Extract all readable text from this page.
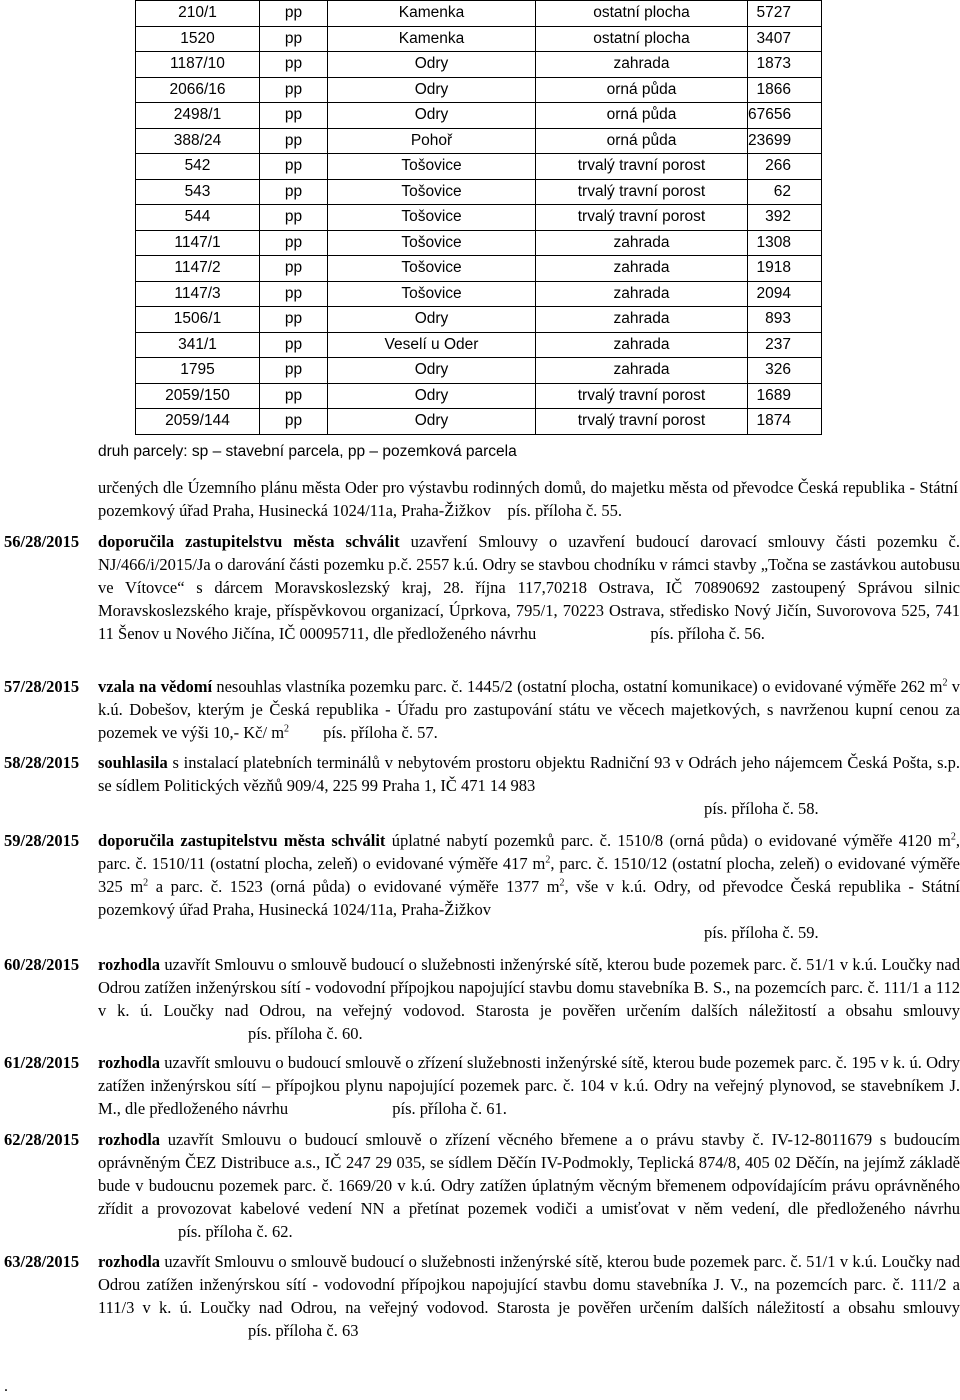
210/1	pp	Kamenka	ostatní plocha	5727
1520	pp	Kamenka	ostatní plocha	3407
1187/10	pp	Odry	zahrada	1873
2066/16	pp	Odry	orná půda	1866
2498/1	pp	Odry	orná půda	67656
388/24	pp	Pohoř	orná půda	23699
542	pp	Tošovice	trvalý travní porost	266
543	pp	Tošovice	trvalý travní porost	62
544	pp	Tošovice	trvalý travní porost	392
1147/1	pp	Tošovice	zahrada	1308
1147/2	pp	Tošovice	zahrada	1918
1147/3	pp	Tošovice	zahrada	2094
1506/1	pp	Odry	zahrada	893
341/1	pp	Veselí u Oder	zahrada	237
1795	pp	Odry	zahrada	326
2059/150	pp	Odry	trvalý travní porost	1689
2059/144	pp	Odry	trvalý travní porost	1874
druh parcely: sp – stavební parcela, pp – pozemková parcela
určených dle Územního plánu města Oder pro výstavbu rodinných domů, do majetku města od převodce Česká republika - Státní pozemkový úřad Praha, Husinecká 1024/11a, Praha-Žižkov pís. příloha č. 55.
56/28/2015	doporučila zastupitelstvu města schválit uzavření Smlouvy o uzavření budoucí darovací smlouvy části pozemku č. NJ/466/i/2015/Ja o darování části pozemku p.č. 2557 k.ú. Odry se stavbou chodníku v rámci stavby „Točna se zastávkou autobusu ve Vítovce“ s dárcem Moravskoslezský kraj, 28. října 117,70218 Ostrava, IČ 70890692 zastoupený Správou silnic Moravskoslezského kraje, příspěvkovou organizací, Úprkova, 795/1, 70223 Ostrava, středisko Nový Jičín, Suvorovova 525, 741 11 Šenov u Nového Jičína, IČ 00095711, dle předloženého návrhu	pís. příloha č. 56.
57/28/2015	vzala na vědomí nesouhlas vlastníka pozemku parc. č. 1445/2 (ostatní plocha, ostatní komunikace) o evidované výměře 262 $m^2$ v k.ú. Dobešov, kterým je Česká republika - Úřadu pro zastupování státu ve věcech majetkových, s navrženou kupní cenou za pozemek ve výši 10,- Kč/ $m^2$ pís. příloha č. 57.
58/28/2015	souhlasila s instalací platebních terminálů v nebytovém prostoru objektu Radniční 93 v Odrách jeho nájemcem Česká Pošta, s.p. se sídlem Politických vězňů 909/4, 225 99 Praha 1, IČ 471 14 983
pís. příloha č. 58.
59/28/2015	doporučila zastupitelstvu města schválit úplatné nabytí pozemků parc. č. 1510/8 (orná půda) o evidované výměře 4120 $m^2$, parc. č. 1510/11 (ostatní plocha, zeleň) o evidované výměře 417 $m^2$, parc. č. 1510/12 (ostatní plocha, zeleň) o evidované výměře 325 $m^2$ a parc. č. 1523 (orná půda) o evidované výměře 1377 $m^2$, vše v k.ú. Odry, od převodce Česká republika - Státní pozemkový úřad Praha, Husinecká 1024/11a, Praha-Žižkov
pís. příloha č. 59.
60/28/2015	rozhodla uzavřít Smlouvu o smlouvě budoucí o služebnosti inženýrské sítě, kterou bude pozemek parc. č. 51/1 v k.ú. Loučky nad Odrou zatížen inženýrskou sítí - vodovodní přípojkou napojující stavbu domu stavebníka B. S., na pozemcích parc. č. 111/1 a 112 v k. ú. Loučky nad Odrou, na veřejný vodovod. Starosta je pověřen určením dalších náležitostí a obsahu smlouvy pís. příloha č. 60.
61/28/2015	rozhodla uzavřít smlouvu o budoucí smlouvě o zřízení služebnosti inženýrské sítě, kterou bude pozemek parc. č. 195 v k. ú. Odry zatížen inženýrskou sítí – přípojkou plynu napojující pozemek parc. č. 104 v k.ú. Odry na veřejný plynovod, se stavebníkem J. M., dle předloženého návrhu	pís. příloha č. 61.
62/28/2015	rozhodla uzavřít Smlouvu o budoucí smlouvě o zřízení věcného břemene a o právu stavby č. IV-12-8011679 s budoucím oprávněným ČEZ Distribuce a.s., IČ 247 29 035, se sídlem Děčín IV-Podmokly, Teplická 874/8, 405 02 Děčín, na jejímž základě bude v budoucnu pozemek parc. č. 1669/20 v k.ú. Odry zatížen úplatným věcným břemenem odpovídajícím právu oprávněného zřídit a provozovat kabelové vedení NN a přetínat pozemek vodiči a umisťovat v něm vedení, dle předloženého návrhu pís. příloha č. 62.
63/28/2015	rozhodla uzavřít Smlouvu o smlouvě budoucí o služebnosti inženýrské sítě, kterou bude pozemek parc. č. 51/1 v k.ú. Loučky nad Odrou zatížen inženýrskou sítí - vodovodní přípojkou napojující stavbu domu stavebníka J. V., na pozemcích parc. č. 111/2 a 111/3 v k. ú. Loučky nad Odrou, na veřejný vodovod. Starosta je pověřen určením dalších náležitostí a obsahu smlouvy pís. příloha č. 63
.
